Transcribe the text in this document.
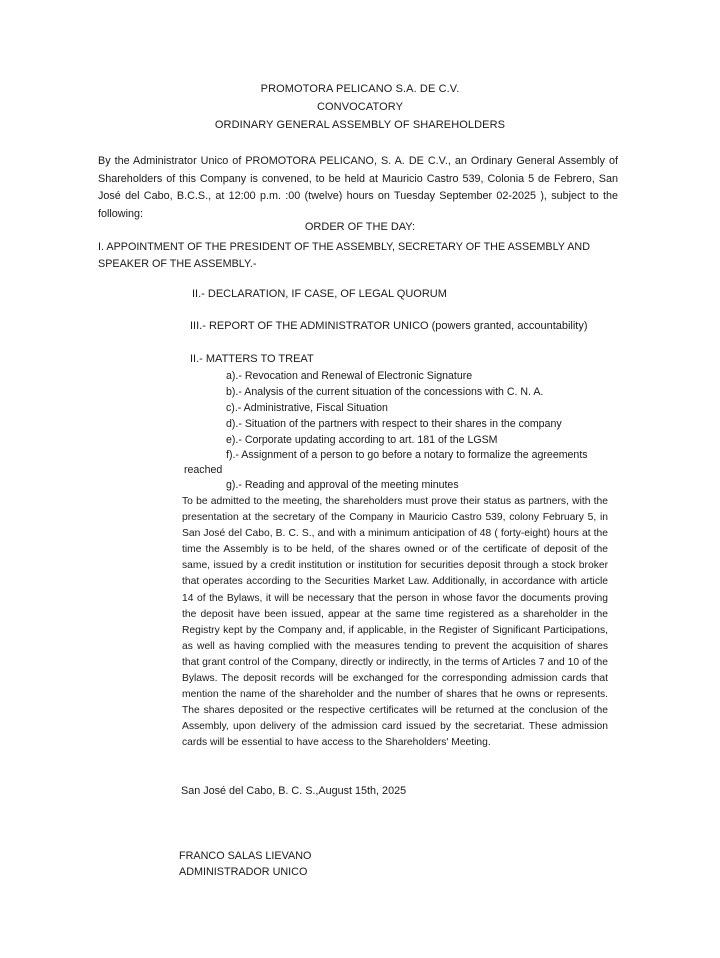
PROMOTORA PELICANO S.A. DE C.V.
CONVOCATORY
ORDINARY GENERAL ASSEMBLY OF SHAREHOLDERS
By the Administrator Unico of PROMOTORA PELICANO, S. A. DE C.V., an Ordinary General Assembly of Shareholders of this Company is convened, to be held at Mauricio Castro 539, Colonia 5 de Febrero, San José del Cabo, B.C.S., at 12:00 p.m. :00 (twelve) hours on Tuesday September 02-2025 ), subject to the following:
ORDER OF THE DAY:
I. APPOINTMENT OF THE PRESIDENT OF THE ASSEMBLY, SECRETARY OF THE ASSEMBLY AND SPEAKER OF THE ASSEMBLY.-
II.- DECLARATION, IF CASE, OF LEGAL QUORUM
III.- REPORT OF THE ADMINISTRATOR UNICO (powers granted, accountability)
II.- MATTERS TO TREAT
a).- Revocation and Renewal of Electronic Signature
b).- Analysis of the current situation of the concessions with C. N. A.
c).- Administrative, Fiscal Situation
d).- Situation of the partners with respect to their shares in the company
e).- Corporate updating according to art. 181 of the LGSM
f).- Assignment of a person to go before a notary to formalize the agreements
reached
g).- Reading and approval of the meeting minutes
To be admitted to the meeting, the shareholders must prove their status as partners, with the presentation at the secretary of the Company in Mauricio Castro 539, colony February 5, in San José del Cabo, B. C. S., and with a minimum anticipation of 48 ( forty-eight) hours at the time the Assembly is to be held, of the shares owned or of the certificate of deposit of the same, issued by a credit institution or institution for securities deposit through a stock broker that operates according to the Securities Market Law. Additionally, in accordance with article 14 of the Bylaws, it will be necessary that the person in whose favor the documents proving the deposit have been issued, appear at the same time registered as a shareholder in the Registry kept by the Company and, if applicable, in the Register of Significant Participations, as well as having complied with the measures tending to prevent the acquisition of shares that grant control of the Company, directly or indirectly, in the terms of Articles 7 and 10 of the Bylaws. The deposit records will be exchanged for the corresponding admission cards that mention the name of the shareholder and the number of shares that he owns or represents. The shares deposited or the respective certificates will be returned at the conclusion of the Assembly, upon delivery of the admission card issued by the secretariat. These admission cards will be essential to have access to the Shareholders' Meeting.
San José del Cabo, B. C. S.,August 15th, 2025
FRANCO SALAS LIEVANO
ADMINISTRADOR UNICO
